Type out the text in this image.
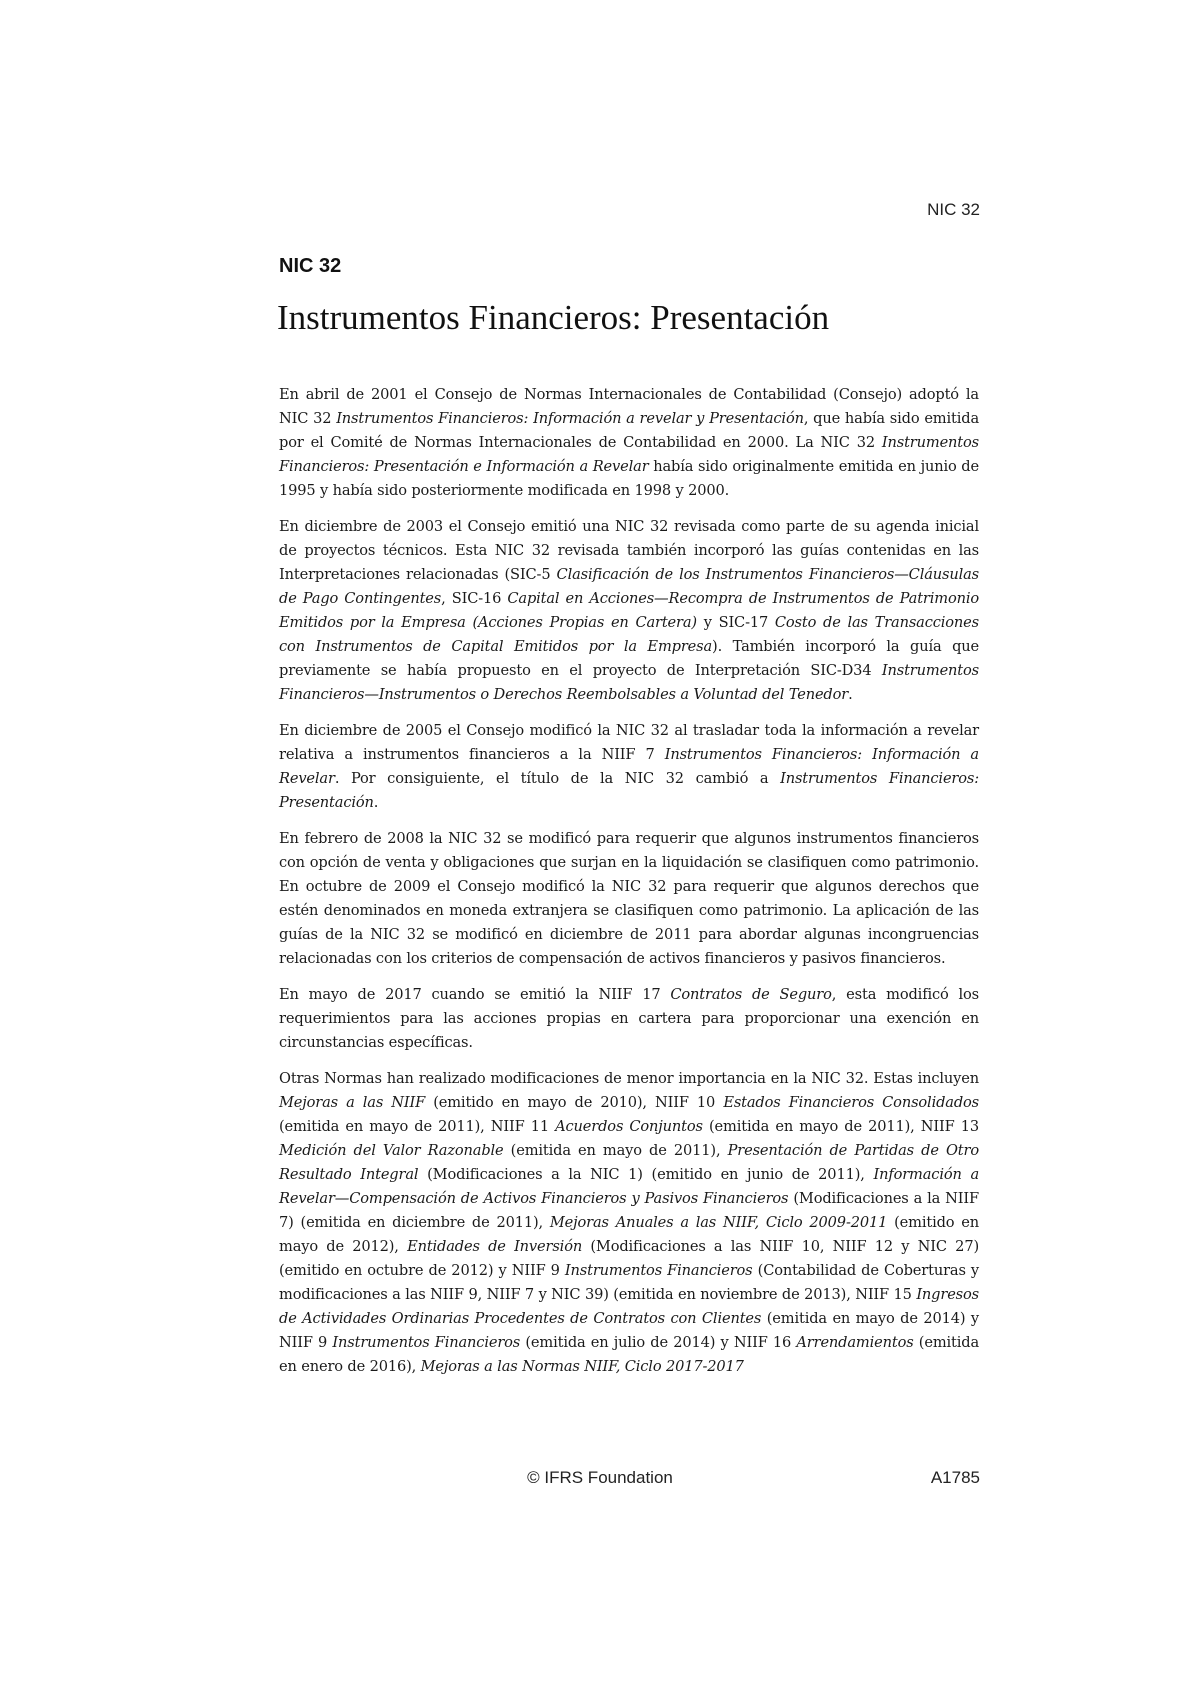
NIC 32
NIC 32
Instrumentos Financieros: Presentación

En abril de 2001 el Consejo de Normas Internacionales de Contabilidad (Consejo) adoptó la NIC 32 Instrumentos Financieros: Información a revelar y Presentación, que había sido emitida por el Comité de Normas Internacionales de Contabilidad en 2000. La NIC 32 Instrumentos Financieros: Presentación e Información a Revelar había sido originalmente emitida en junio de 1995 y había sido posteriormente modificada en 1998 y 2000.

En diciembre de 2003 el Consejo emitió una NIC 32 revisada como parte de su agenda inicial de proyectos técnicos. Esta NIC 32 revisada también incorporó las guías contenidas en las Interpretaciones relacionadas (SIC-5 Clasificación de los Instrumentos Financieros—Cláusulas de Pago Contingentes, SIC-16 Capital en Acciones—Recompra de Instrumentos de Patrimonio Emitidos por la Empresa (Acciones Propias en Cartera) y SIC-17 Costo de las Transacciones con Instrumentos de Capital Emitidos por la Empresa). También incorporó la guía que previamente se había propuesto en el proyecto de Interpretación SIC-D34 Instrumentos Financieros—Instrumentos o Derechos Reembolsables a Voluntad del Tenedor.

En diciembre de 2005 el Consejo modificó la NIC 32 al trasladar toda la información a revelar relativa a instrumentos financieros a la NIIF 7 Instrumentos Financieros: Información a Revelar. Por consiguiente, el título de la NIC 32 cambió a Instrumentos Financieros: Presentación.

En febrero de 2008 la NIC 32 se modificó para requerir que algunos instrumentos financieros con opción de venta y obligaciones que surjan en la liquidación se clasifiquen como patrimonio. En octubre de 2009 el Consejo modificó la NIC 32 para requerir que algunos derechos que estén denominados en moneda extranjera se clasifiquen como patrimonio. La aplicación de las guías de la NIC 32 se modificó en diciembre de 2011 para abordar algunas incongruencias relacionadas con los criterios de compensación de activos financieros y pasivos financieros.

En mayo de 2017 cuando se emitió la NIIF 17 Contratos de Seguro, esta modificó los requerimientos para las acciones propias en cartera para proporcionar una exención en circunstancias específicas.

Otras Normas han realizado modificaciones de menor importancia en la NIC 32. Estas incluyen Mejoras a las NIIF (emitido en mayo de 2010), NIIF 10 Estados Financieros Consolidados (emitida en mayo de 2011), NIIF 11 Acuerdos Conjuntos (emitida en mayo de 2011), NIIF 13 Medición del Valor Razonable (emitida en mayo de 2011), Presentación de Partidas de Otro Resultado Integral (Modificaciones a la NIC 1) (emitido en junio de 2011), Información a Revelar—Compensación de Activos Financieros y Pasivos Financieros (Modificaciones a la NIIF 7) (emitida en diciembre de 2011), Mejoras Anuales a las NIIF, Ciclo 2009-2011 (emitido en mayo de 2012), Entidades de Inversión (Modificaciones a las NIIF 10, NIIF 12 y NIC 27) (emitido en octubre de 2012) y NIIF 9 Instrumentos Financieros (Contabilidad de Coberturas y modificaciones a las NIIF 9, NIIF 7 y NIC 39) (emitida en noviembre de 2013), NIIF 15 Ingresos de Actividades Ordinarias Procedentes de Contratos con Clientes (emitida en mayo de 2014) y NIIF 9 Instrumentos Financieros (emitida en julio de 2014) y NIIF 16 Arrendamientos (emitida en enero de 2016), Mejoras a las Normas NIIF, Ciclo 2017-2017

© IFRS Foundation	A1785
